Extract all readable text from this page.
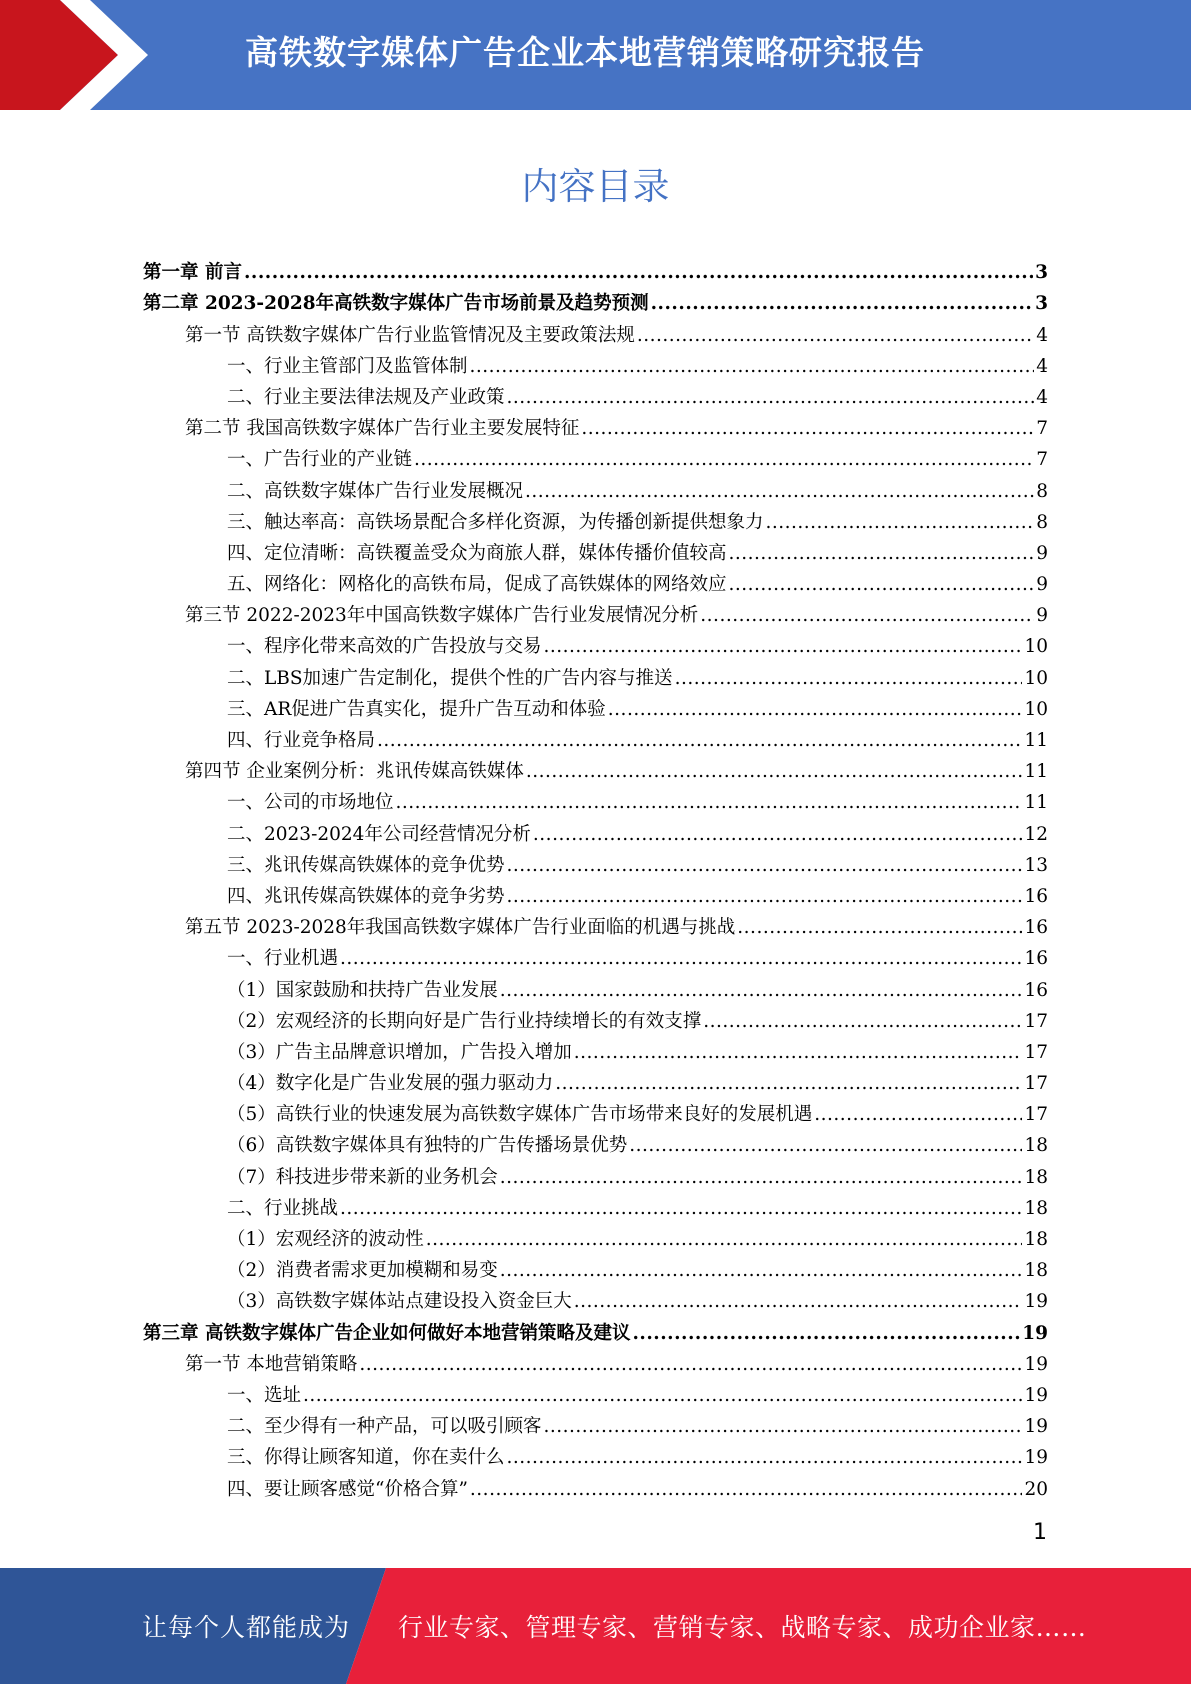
高铁数字媒体广告企业本地营销策略研究报告
内容目录
第一章 前言 .....	3
第二章 2023-2028年高铁数字媒体广告市场前景及趋势预测 .....	3
第一节 高铁数字媒体广告行业监管情况及主要政策法规 .....	4
一、行业主管部门及监管体制 .....	4
二、行业主要法律法规及产业政策 .....	4
第二节 我国高铁数字媒体广告行业主要发展特征 .....	7
一、广告行业的产业链 .....	7
二、高铁数字媒体广告行业发展概况 .....	8
三、触达率高：高铁场景配合多样化资源，为传播创新提供想象力 .....	8
四、定位清晰：高铁覆盖受众为商旅人群，媒体传播价值较高 .....	9
五、网络化：网格化的高铁布局，促成了高铁媒体的网络效应 .....	9
第三节 2022-2023年中国高铁数字媒体广告行业发展情况分析 .....	9
一、程序化带来高效的广告投放与交易 .....	10
二、LBS加速广告定制化，提供个性的广告内容与推送 .....	10
三、AR促进广告真实化，提升广告互动和体验 .....	10
四、行业竞争格局 .....	11
第四节 企业案例分析：兆讯传媒高铁媒体 .....	11
一、公司的市场地位 .....	11
二、2023-2024年公司经营情况分析 .....	12
三、兆讯传媒高铁媒体的竞争优势 .....	13
四、兆讯传媒高铁媒体的竞争劣势 .....	16
第五节 2023-2028年我国高铁数字媒体广告行业面临的机遇与挑战 .....	16
一、行业机遇 .....	16
（1）国家鼓励和扶持广告业发展 .....	16
（2）宏观经济的长期向好是广告行业持续增长的有效支撑 .....	17
（3）广告主品牌意识增加，广告投入增加 .....	17
（4）数字化是广告业发展的强力驱动力 .....	17
（5）高铁行业的快速发展为高铁数字媒体广告市场带来良好的发展机遇 .....	17
（6）高铁数字媒体具有独特的广告传播场景优势 .....	18
（7）科技进步带来新的业务机会 .....	18
二、行业挑战 .....	18
（1）宏观经济的波动性 .....	18
（2）消费者需求更加模糊和易变 .....	18
（3）高铁数字媒体站点建设投入资金巨大 .....	19
第三章 高铁数字媒体广告企业如何做好本地营销策略及建议 .....	19
第一节 本地营销策略 .....	19
一、选址 .....	19
二、至少得有一种产品，可以吸引顾客 .....	19
三、你得让顾客知道，你在卖什么 .....	19
四、要让顾客感觉“价格合算” .....	20
1
让每个人都能成为 行业专家、管理专家、营销专家、战略专家、成功企业家……
